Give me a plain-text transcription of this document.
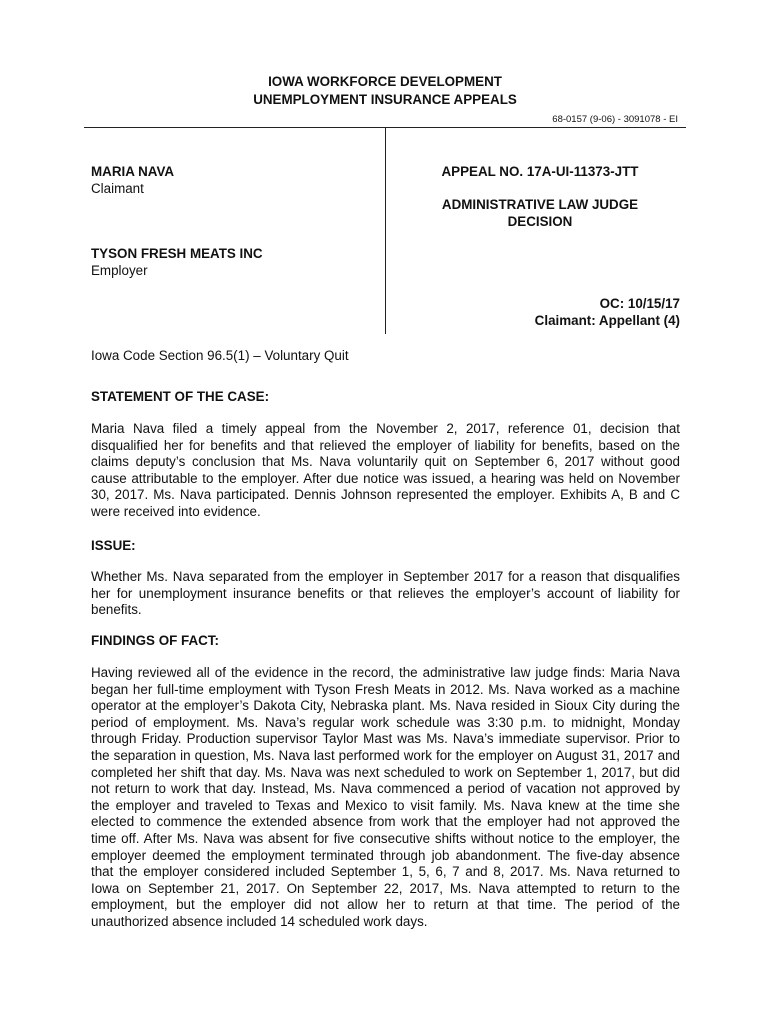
IOWA WORKFORCE DEVELOPMENT
UNEMPLOYMENT INSURANCE APPEALS
68-0157 (9-06) - 3091078 - EI
MARIA NAVA
Claimant
TYSON FRESH MEATS INC
Employer
APPEAL NO. 17A-UI-11373-JTT
ADMINISTRATIVE LAW JUDGE
DECISION
OC: 10/15/17
Claimant: Appellant (4)
Iowa Code Section 96.5(1) – Voluntary Quit
STATEMENT OF THE CASE:

Maria Nava filed a timely appeal from the November 2, 2017, reference 01, decision that disqualified her for benefits and that relieved the employer of liability for benefits, based on the claims deputy’s conclusion that Ms. Nava voluntarily quit on September 6, 2017 without good cause attributable to the employer. After due notice was issued, a hearing was held on November 30, 2017. Ms. Nava participated. Dennis Johnson represented the employer. Exhibits A, B and C were received into evidence.

ISSUE:

Whether Ms. Nava separated from the employer in September 2017 for a reason that disqualifies her for unemployment insurance benefits or that relieves the employer’s account of liability for benefits.

FINDINGS OF FACT:

Having reviewed all of the evidence in the record, the administrative law judge finds: Maria Nava began her full-time employment with Tyson Fresh Meats in 2012. Ms. Nava worked as a machine operator at the employer’s Dakota City, Nebraska plant. Ms. Nava resided in Sioux City during the period of employment. Ms. Nava’s regular work schedule was 3:30 p.m. to midnight, Monday through Friday. Production supervisor Taylor Mast was Ms. Nava’s immediate supervisor. Prior to the separation in question, Ms. Nava last performed work for the employer on August 31, 2017 and completed her shift that day. Ms. Nava was next scheduled to work on September 1, 2017, but did not return to work that day. Instead, Ms. Nava commenced a period of vacation not approved by the employer and traveled to Texas and Mexico to visit family. Ms. Nava knew at the time she elected to commence the extended absence from work that the employer had not approved the time off. After Ms. Nava was absent for five consecutive shifts without notice to the employer, the employer deemed the employment terminated through job abandonment. The five-day absence that the employer considered included September 1, 5, 6, 7 and 8, 2017. Ms. Nava returned to Iowa on September 21, 2017. On September 22, 2017, Ms. Nava attempted to return to the employment, but the employer did not allow her to return at that time. The period of the unauthorized absence included 14 scheduled work days.
